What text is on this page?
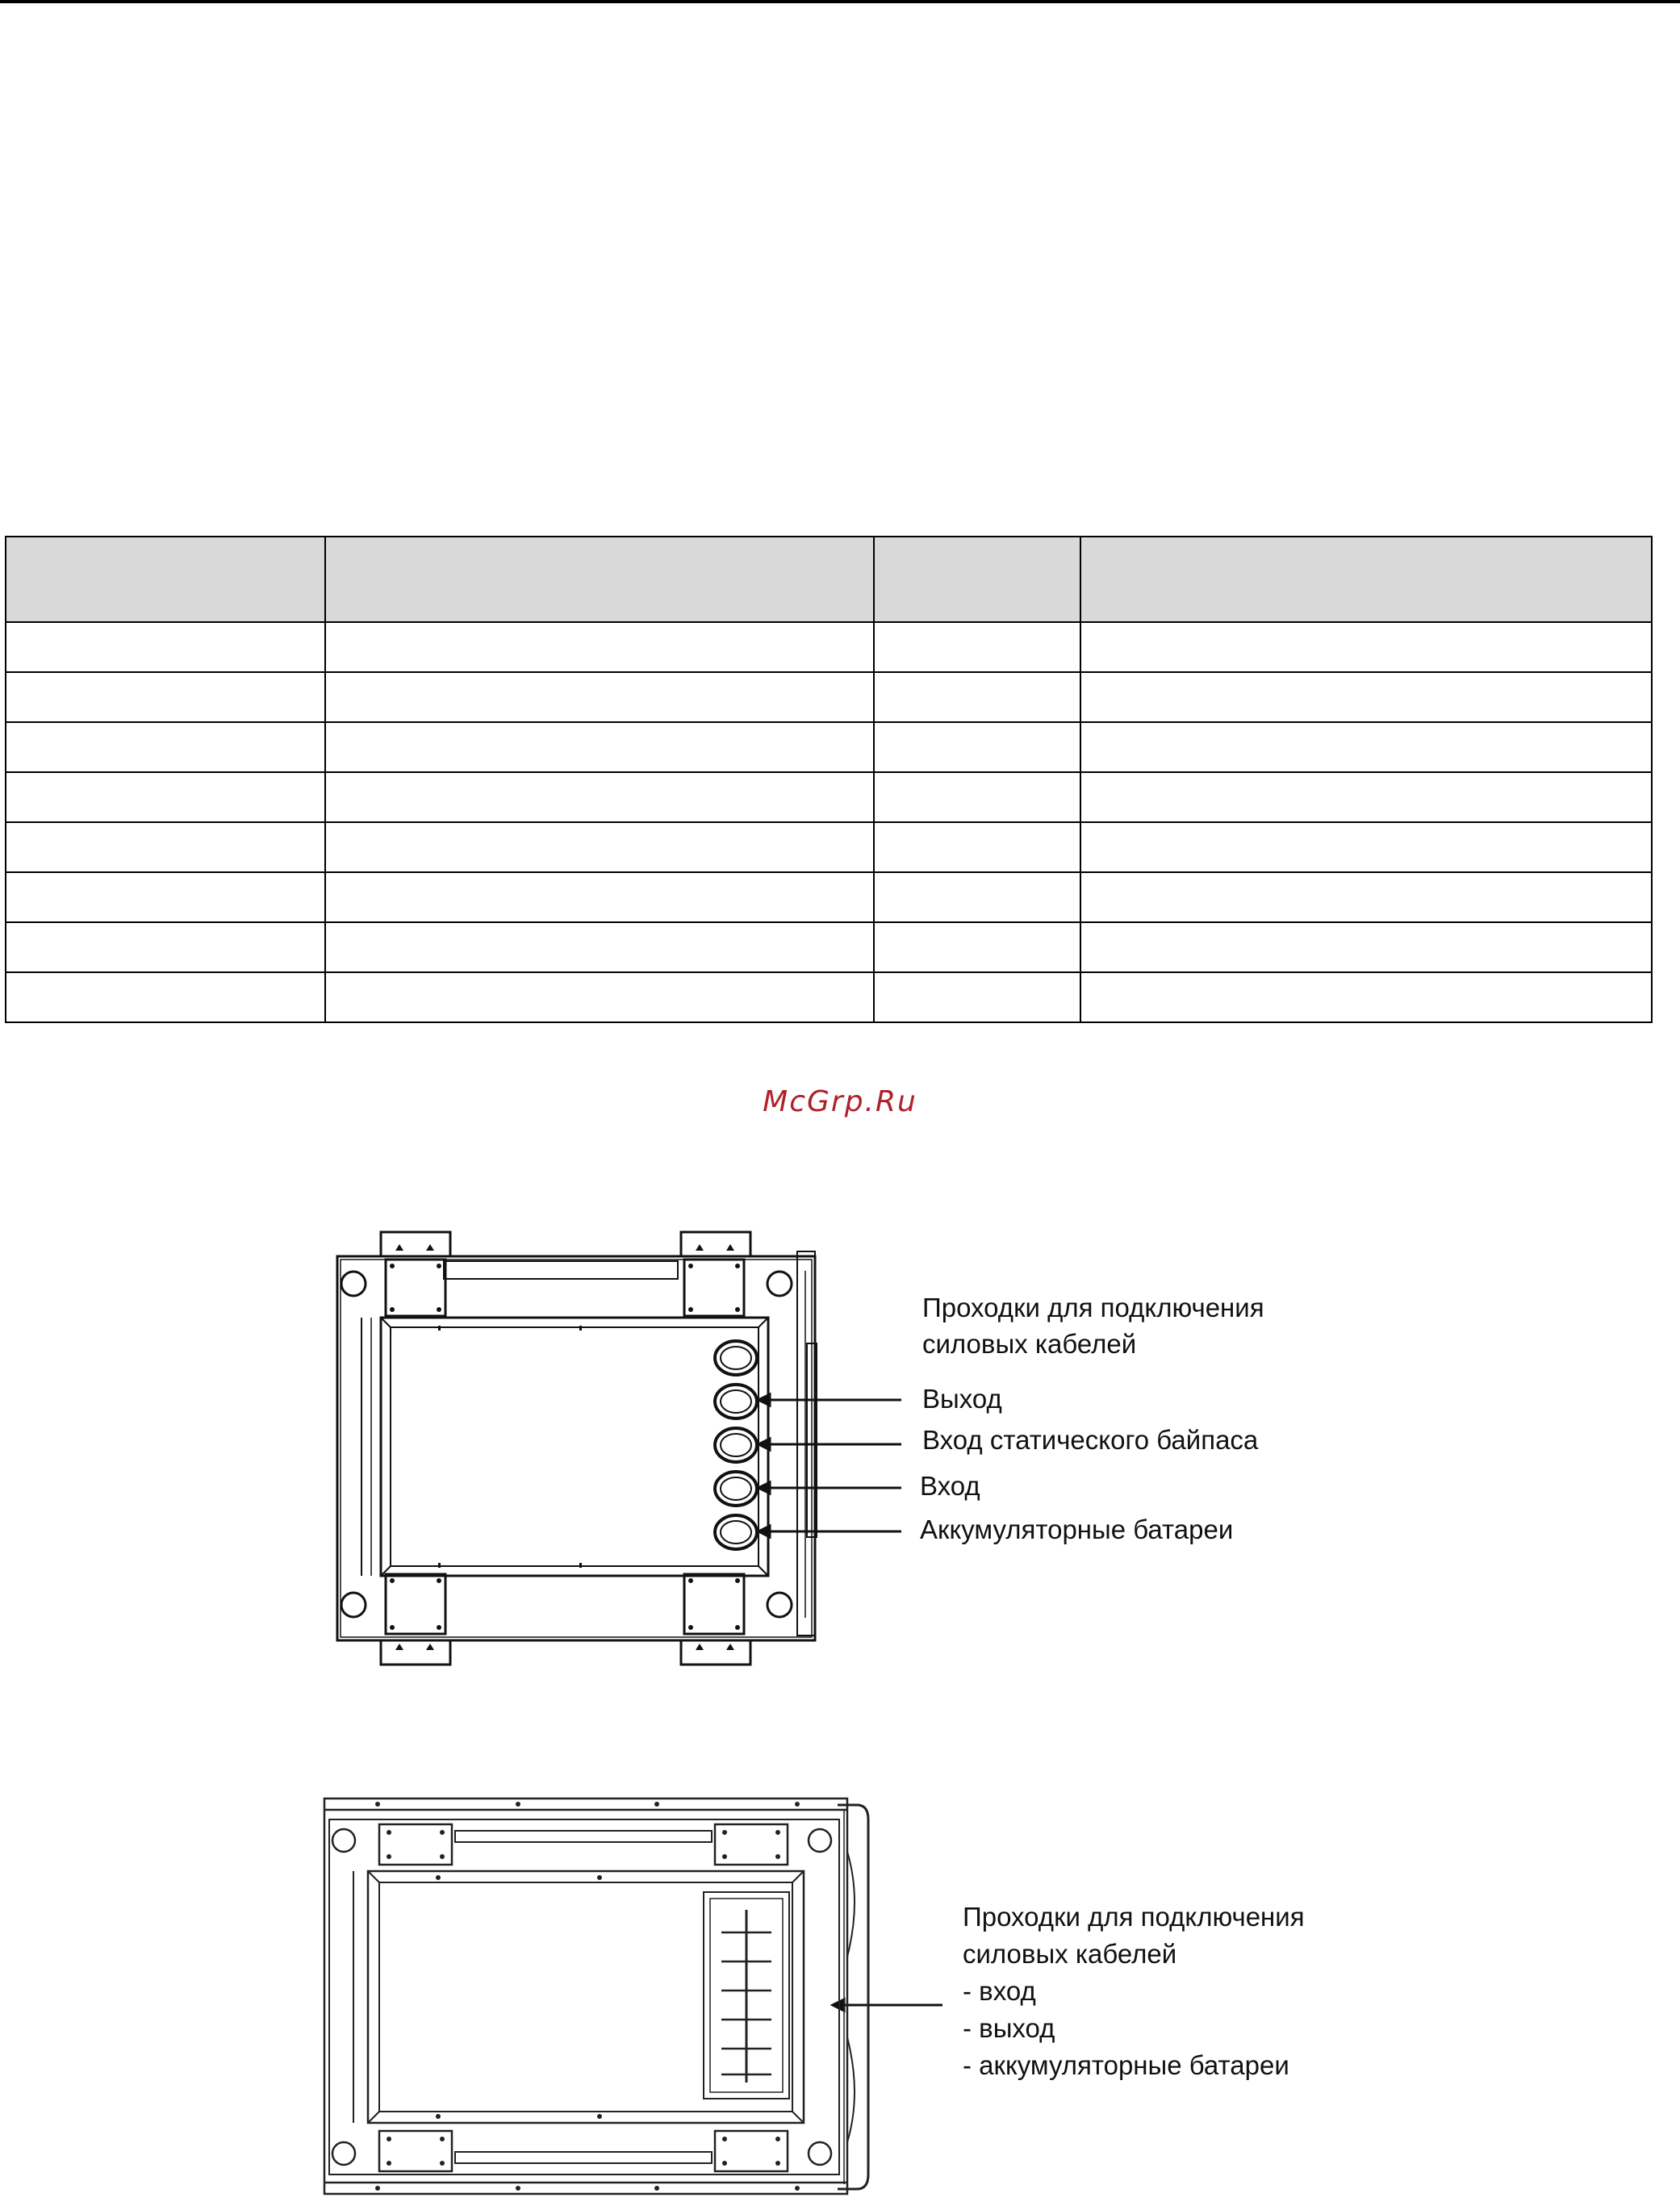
McGrp.Ru
Проходки для подключения
силовых кабелей
Выход
Вход статического байпаса
Вход
Аккумуляторные батареи
Проходки для подключения
силовых кабелей
- вход
- выход
- аккумуляторные батареи
